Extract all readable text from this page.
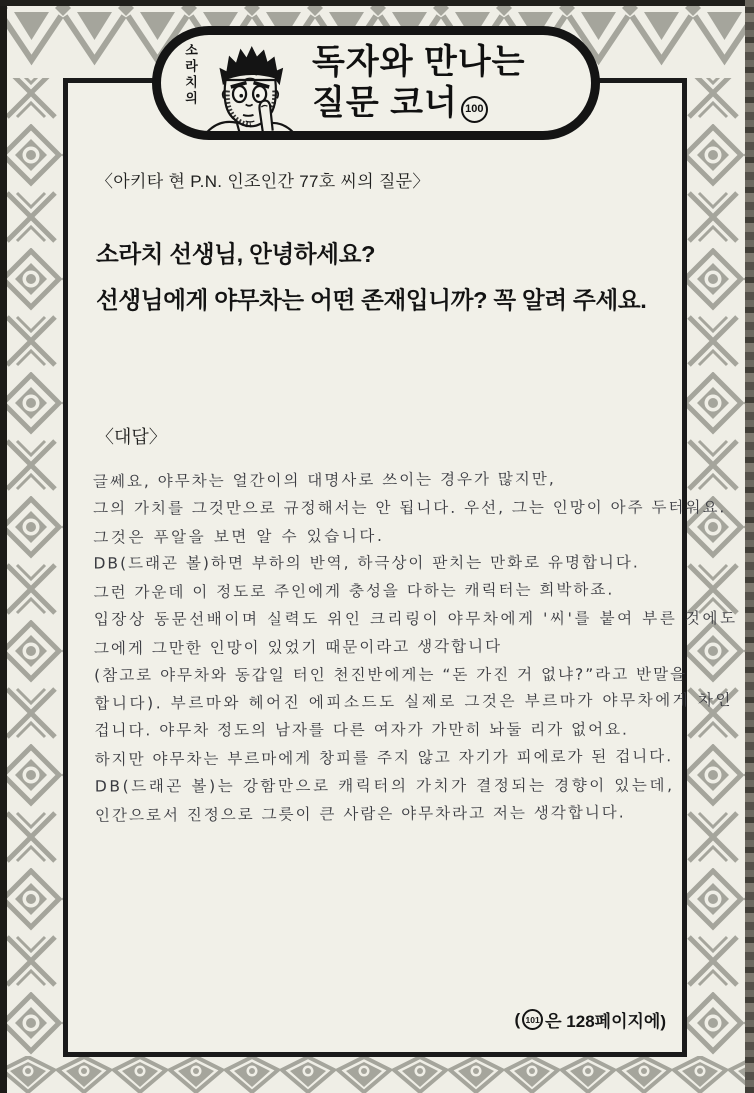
〈아키타 현 P.N. 인조인간 77호 씨의 질문〉
소라치 선생님, 안녕하세요?
선생님에게 야무차는 어떤 존재입니까? 꼭 알려 주세요.
〈대답〉
글쎄요, 야무차는 얼간이의 대명사로 쓰이는 경우가 많지만,
그의 가치를 그것만으로 규정해서는 안 됩니다. 우선, 그는 인망이 아주 두터워요.
그것은 푸알을 보면 알 수 있습니다.
DB(드래곤 볼)하면 부하의 반역, 하극상이 판치는 만화로 유명합니다.
그런 가운데 이 정도로 주인에게 충성을 다하는 캐릭터는 희박하죠.
입장상 동문선배이며 실력도 위인 크리링이 야무차에게 '씨'를 붙여 부른 것에도
그에게 그만한 인망이 있었기 때문이라고 생각합니다
(참고로 야무차와 동갑일 터인 천진반에게는 “돈 가진 거 없냐?”라고 반말을
합니다). 부르마와 헤어진 에피소드도 실제로 그것은 부르마가 야무차에게 차인
겁니다. 야무차 정도의 남자를 다른 여자가 가만히 놔둘 리가 없어요.
하지만 야무차는 부르마에게 창피를 주지 않고 자기가 피에로가 된 겁니다.
DB(드래곤 볼)는 강함만으로 캐릭터의 가치가 결정되는 경향이 있는데,
인간으로서 진정으로 그릇이 큰 사람은 야무차라고 저는 생각합니다.
( 101 은 128페이지에)
소라치의	독자와 만나는
질문 코너 100
